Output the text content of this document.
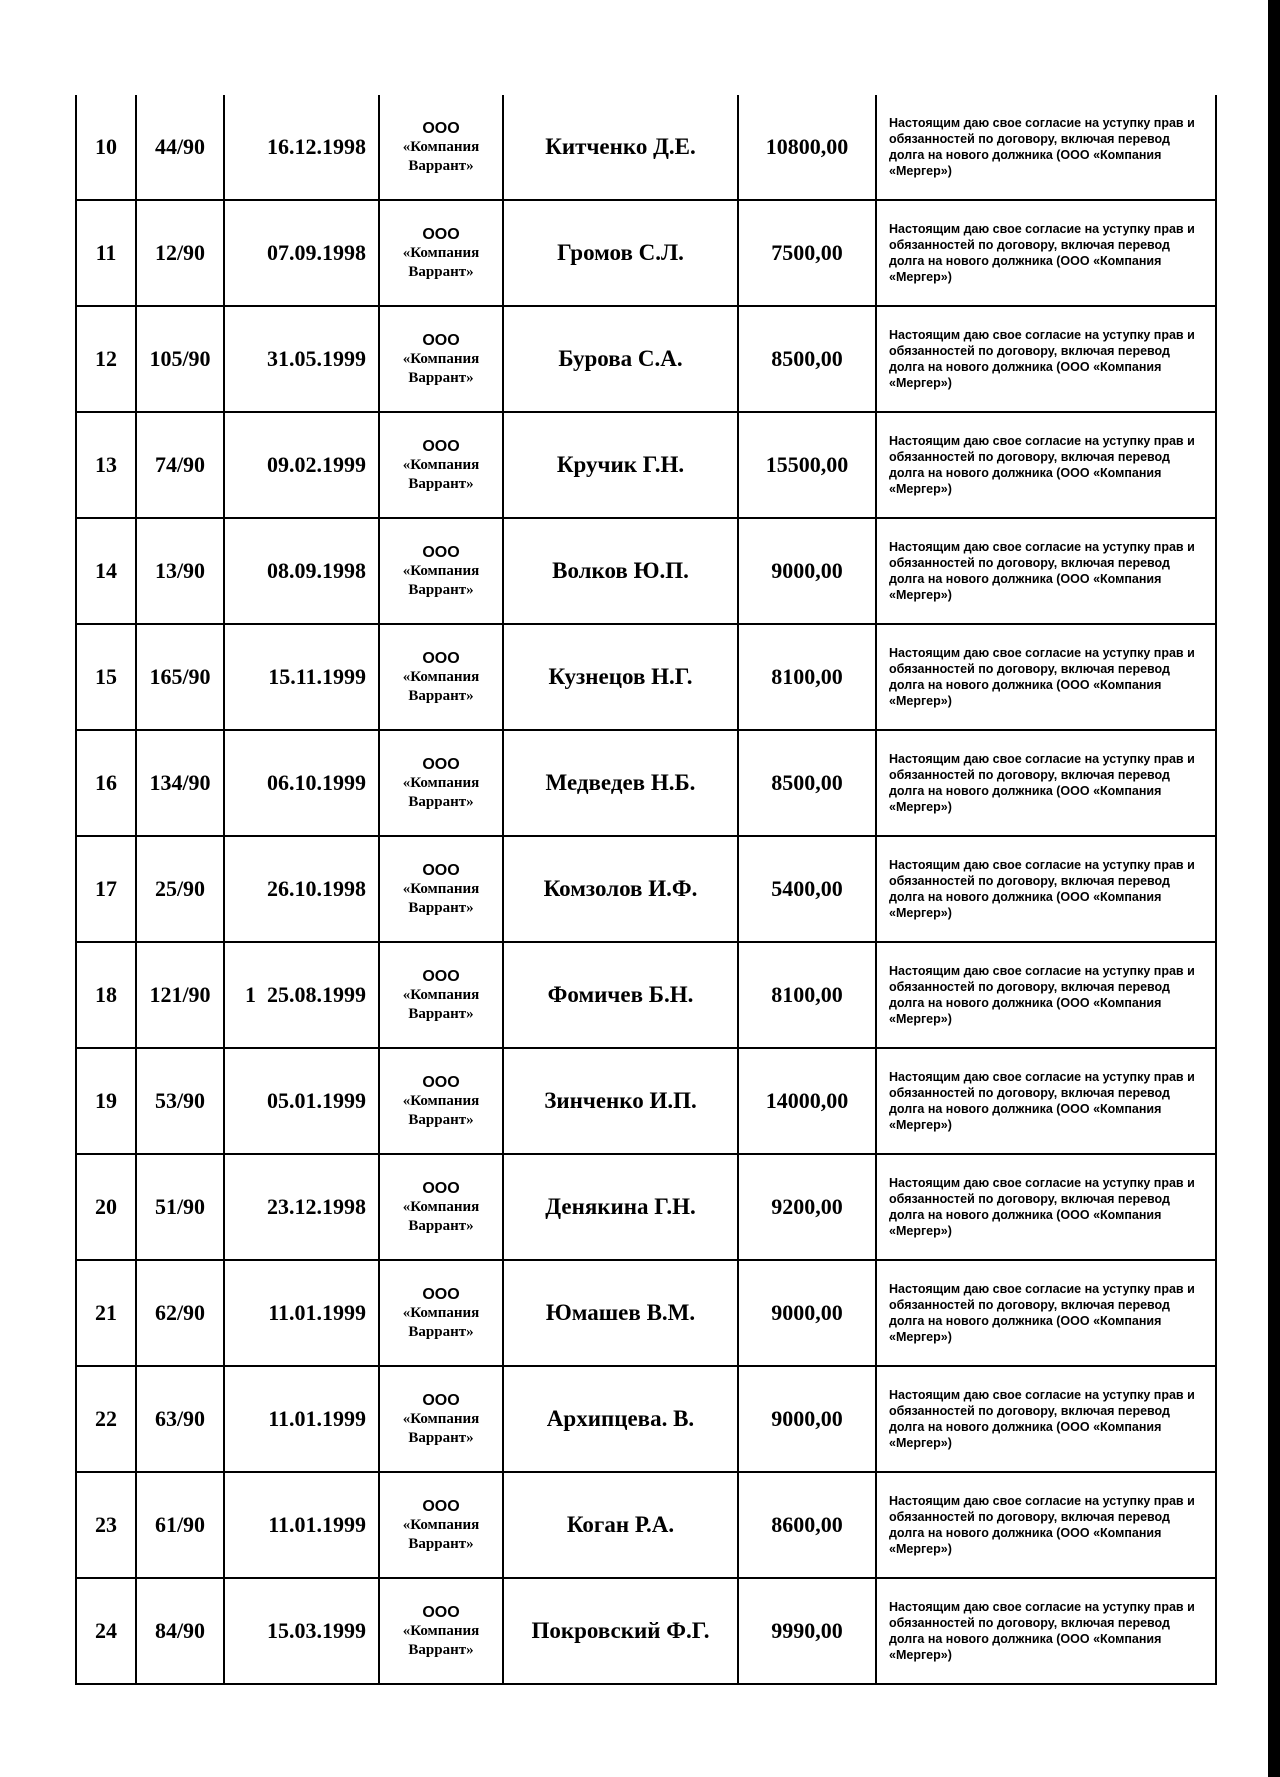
10	44/90	16.12.1998	ООО
«Компания
Варрант»	Китченко Д.Е.	10800,00	Настоящим даю свое согласие на уступку прав и обязанностей по договору, включая перевод долга на нового должника (ООО «Компания «Мергер»)
11	12/90	07.09.1998	ООО
«Компания
Варрант»	Громов С.Л.	7500,00	Настоящим даю свое согласие на уступку прав и обязанностей по договору, включая перевод долга на нового должника (ООО «Компания «Мергер»)
12	105/90	31.05.1999	ООО
«Компания
Варрант»	Бурова С.А.	8500,00	Настоящим даю свое согласие на уступку прав и обязанностей по договору, включая перевод долга на нового должника (ООО «Компания «Мергер»)
13	74/90	09.02.1999	ООО
«Компания
Варрант»	Кручик Г.Н.	15500,00	Настоящим даю свое согласие на уступку прав и обязанностей по договору, включая перевод долга на нового должника (ООО «Компания «Мергер»)
14	13/90	08.09.1998	ООО
«Компания
Варрант»	Волков Ю.П.	9000,00	Настоящим даю свое согласие на уступку прав и обязанностей по договору, включая перевод долга на нового должника (ООО «Компания «Мергер»)
15	165/90	15.11.1999	ООО
«Компания
Варрант»	Кузнецов Н.Г.	8100,00	Настоящим даю свое согласие на уступку прав и обязанностей по договору, включая перевод долга на нового должника (ООО «Компания «Мергер»)
16	134/90	06.10.1999	ООО
«Компания
Варрант»	Медведев Н.Б.	8500,00	Настоящим даю свое согласие на уступку прав и обязанностей по договору, включая перевод долга на нового должника (ООО «Компания «Мергер»)
17	25/90	26.10.1998	ООО
«Компания
Варрант»	Комзолов И.Ф.	5400,00	Настоящим даю свое согласие на уступку прав и обязанностей по договору, включая перевод долга на нового должника (ООО «Компания «Мергер»)
18	121/90	1  25.08.1999	ООО
«Компания
Варрант»	Фомичев Б.Н.	8100,00	Настоящим даю свое согласие на уступку прав и обязанностей по договору, включая перевод долга на нового должника (ООО «Компания «Мергер»)
19	53/90	05.01.1999	ООО
«Компания
Варрант»	Зинченко И.П.	14000,00	Настоящим даю свое согласие на уступку прав и обязанностей по договору, включая перевод долга на нового должника (ООО «Компания «Мергер»)
20	51/90	23.12.1998	ООО
«Компания
Варрант»	Денякина Г.Н.	9200,00	Настоящим даю свое согласие на уступку прав и обязанностей по договору, включая перевод долга на нового должника (ООО «Компания «Мергер»)
21	62/90	11.01.1999	ООО
«Компания
Варрант»	Юмашев В.М.	9000,00	Настоящим даю свое согласие на уступку прав и обязанностей по договору, включая перевод долга на нового должника (ООО «Компания «Мергер»)
22	63/90	11.01.1999	ООО
«Компания
Варрант»	Архипцева. В.	9000,00	Настоящим даю свое согласие на уступку прав и обязанностей по договору, включая перевод долга на нового должника (ООО «Компания «Мергер»)
23	61/90	11.01.1999	ООО
«Компания
Варрант»	Коган Р.А.	8600,00	Настоящим даю свое согласие на уступку прав и обязанностей по договору, включая перевод долга на нового должника (ООО «Компания «Мергер»)
24	84/90	15.03.1999	ООО
«Компания
Варрант»	Покровский Ф.Г.	9990,00	Настоящим даю свое согласие на уступку прав и обязанностей по договору, включая перевод долга на нового должника (ООО «Компания «Мергер»)
